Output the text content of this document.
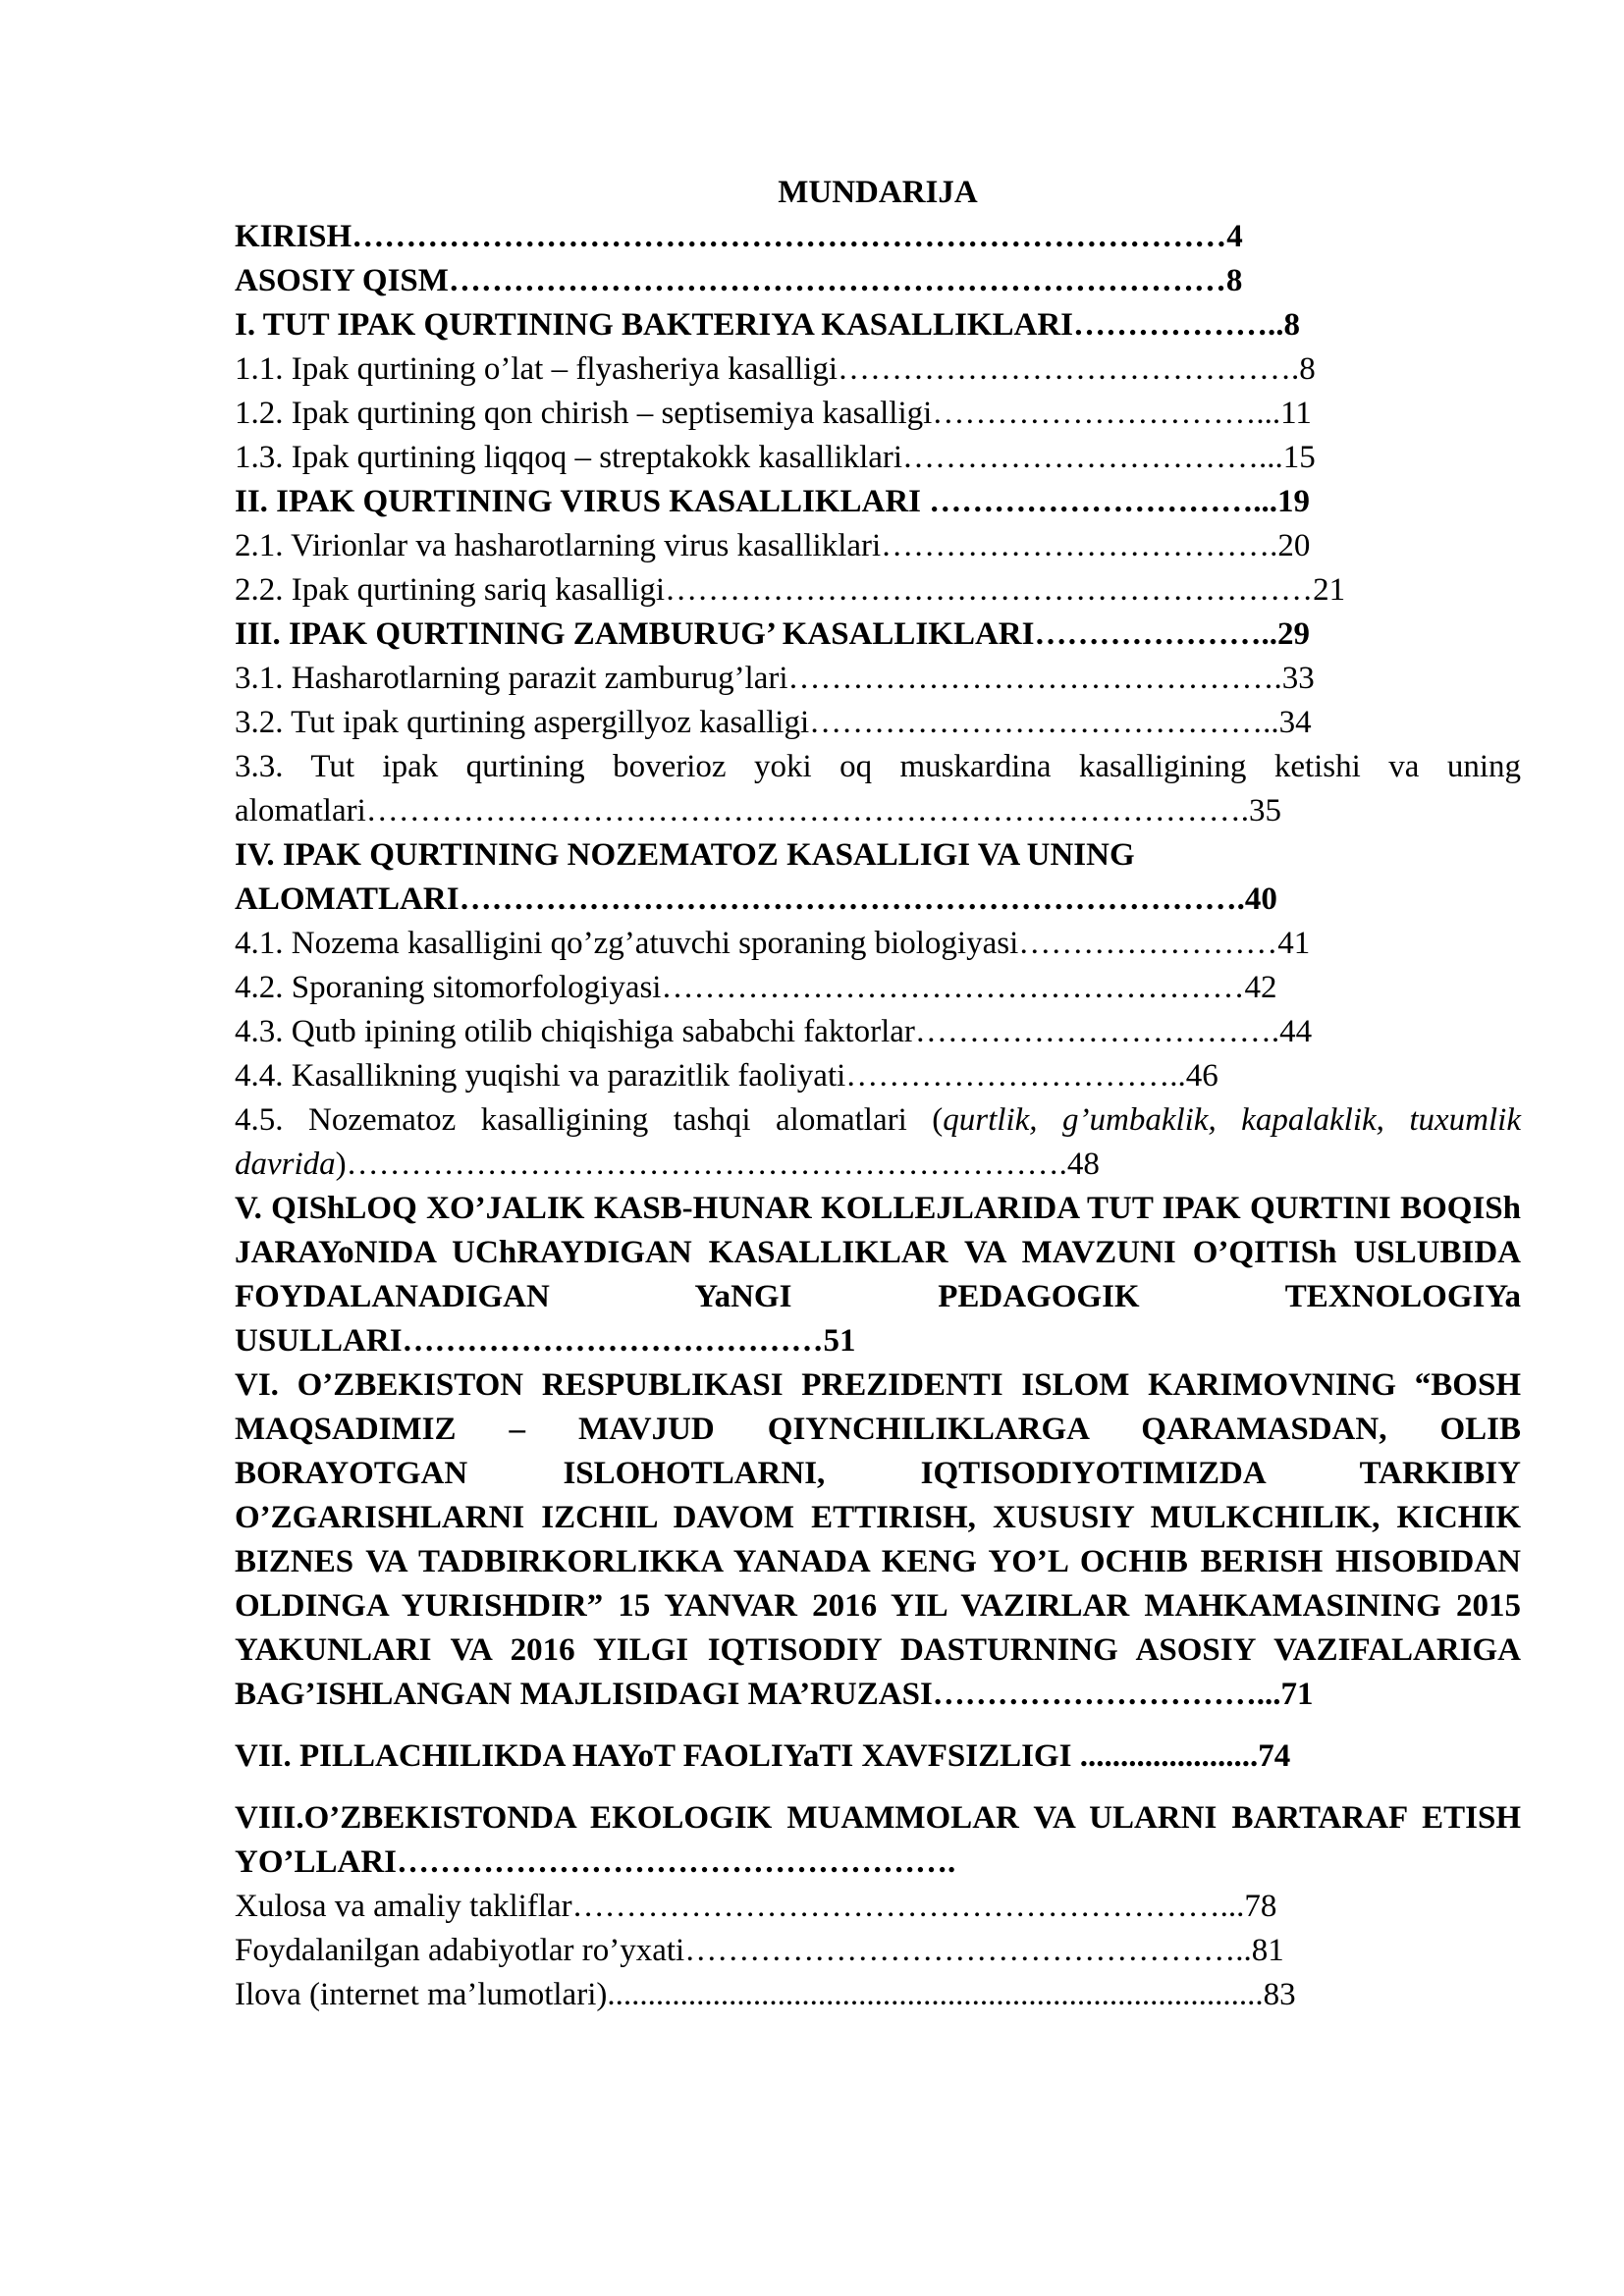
MUNDARIJA

KIRISH………………………………………………………………………4

ASOSIY QISM………………………………………………………………8

I. TUT IPAK QURTINING BAKTERIYA KASALLIKLARI………………..8

1.1. Ipak qurtining o’lat – flyasheriya kasalligi…………………………………….8

1.2. Ipak qurtining qon chirish – septisemiya kasalligi…………………………...11

1.3. Ipak qurtining liqqoq – streptakokk kasalliklari……………………………...15

II. IPAK QURTINING VIRUS KASALLIKLARI …………………………...19

2.1. Virionlar va hasharotlarning virus kasalliklari……………………………….20

2.2. Ipak qurtining sariq kasalligi……………………………………………………21

III. IPAK QURTINING ZAMBURUG’ KASALLIKLARI…………………..29

3.1. Hasharotlarning parazit zamburug’lari……………………………………….33

3.2. Tut ipak qurtining aspergillyoz kasalligi……………………………………..34

3.3. Tut ipak qurtining boverioz yoki oq muskardina kasalligining ketishi va uning alomatlari……………………………………………………………………….35

IV. IPAK QURTINING NOZEMATOZ KASALLIGI VA UNING ALOMATLARI……………………………………………………………….40

4.1. Nozema kasalligini qo’zg’atuvchi sporaning biologiyasi……………………41

4.2. Sporaning sitomorfologiyasi………………………………………………42

4.3. Qutb ipining otilib chiqishiga sababchi faktorlar…………………………….44

4.4. Kasallikning yuqishi va parazitlik faoliyati…………………………..46

4.5. Nozematoz kasalligining tashqi alomatlari (qurtlik, g’umbaklik, kapalaklik, tuxumlik davrida)………………………………………………………….48

V. QIShLOQ XO’JALIK KASB-HUNAR KOLLEJLARIDA TUT IPAK QURTINI BOQISh JARAYoNIDA UChRAYDIGAN KASALLIKLAR VA MAVZUNI O’QITISh USLUBIDA FOYDALANADIGAN YaNGI PEDAGOGIK TEXNOLOGIYa USULLARI…………………………………51

VI. O’ZBEKISTON RESPUBLIKASI PREZIDENTI ISLOM KARIMOVNING “BOSH MAQSADIMIZ – MAVJUD QIYNCHILIKLARGA QARAMASDAN, OLIB BORAYOTGAN ISLOHOTLARNI, IQTISODIYOTIMIZDA TARKIBIY O’ZGARISHLARNI IZCHIL DAVOM ETTIRISH, XUSUSIY MULKCHILIK, KICHIK BIZNES VA TADBIRKORLIKKA YANADA KENG YO’L OCHIB BERISH HISOBIDAN OLDINGA YURISHDIR” 15 YANVAR 2016 YIL VAZIRLAR MAHKAMASINING 2015 YAKUNLARI VA 2016 YILGI IQTISODIY DASTURNING ASOSIY VAZIFALARIGA BAG’ISHLANGAN MAJLISIDAGI MA’RUZASI…………………………...71

VII. PILLACHILIKDA HAYoT FAOLIYaTI XAVFSIZLIGI ......................74

VIII.O’ZBEKISTONDA EKOLOGIK MUAMMOLAR VA ULARNI BARTARAF ETISH YO’LLARI…………………………………………….

Xulosa va amaliy takliflar……………………………………………………...78

Foydalanilgan adabiyotlar ro’yxati……………………………………………..81

Ilova (internet ma’lumotlari).................................................................................83
